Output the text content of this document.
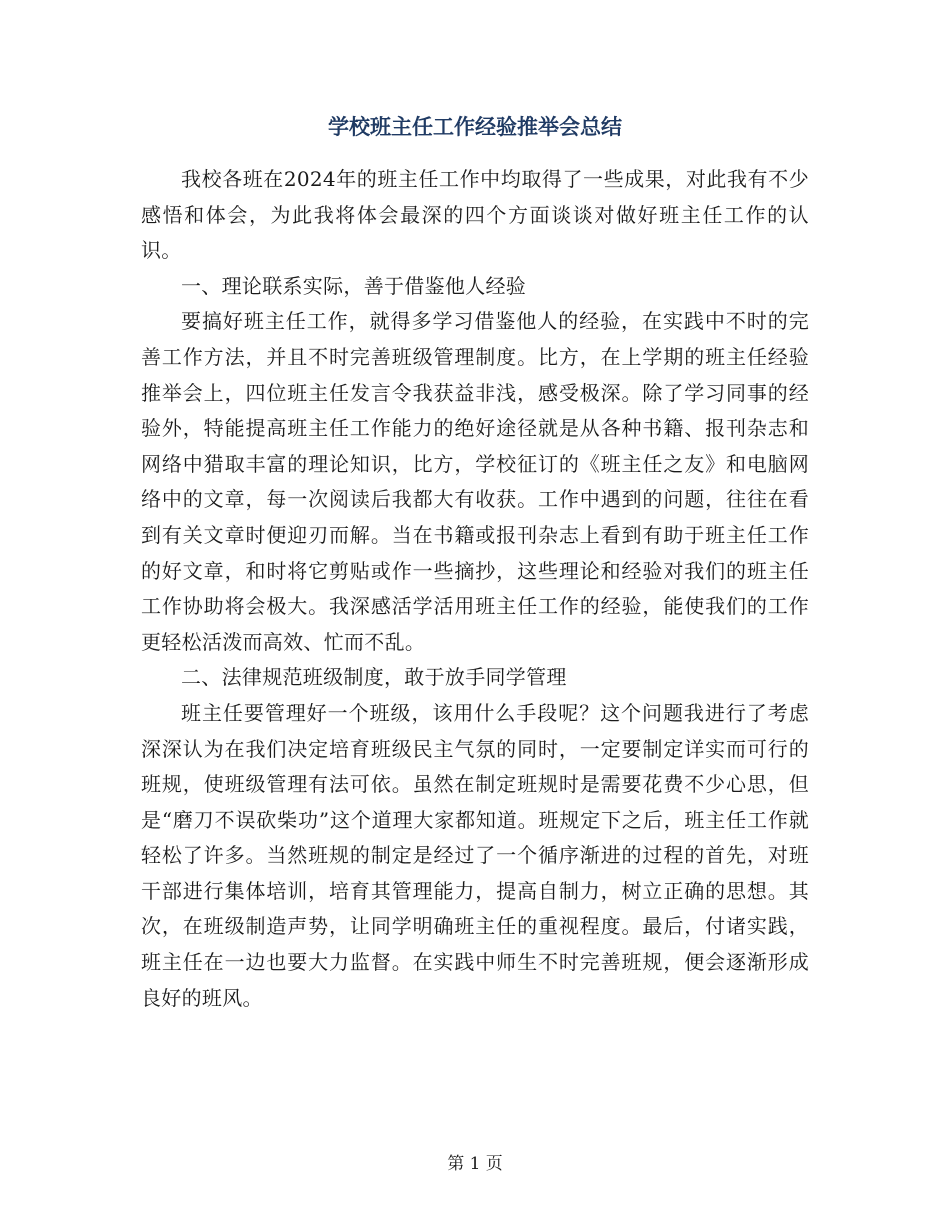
学校班主任工作经验推举会总结

我校各班在2024年的班主任工作中均取得了一些成果，对此我有不少感悟和体会，为此我将体会最深的四个方面谈谈对做好班主任工作的认识。

一、理论联系实际，善于借鉴他人经验

要搞好班主任工作，就得多学习借鉴他人的经验，在实践中不时的完善工作方法，并且不时完善班级管理制度。比方，在上学期的班主任经验推举会上，四位班主任发言令我获益非浅，感受极深。除了学习同事的经验外，特能提高班主任工作能力的绝好途径就是从各种书籍、报刊杂志和网络中猎取丰富的理论知识，比方，学校征订的《班主任之友》和电脑网络中的文章，每一次阅读后我都大有收获。工作中遇到的问题，往往在看到有关文章时便迎刃而解。当在书籍或报刊杂志上看到有助于班主任工作的好文章，和时将它剪贴或作一些摘抄，这些理论和经验对我们的班主任工作协助将会极大。我深感活学活用班主任工作的经验，能使我们的工作更轻松活泼而高效、忙而不乱。

二、法律规范班级制度，敢于放手同学管理

班主任要管理好一个班级，该用什么手段呢？这个问题我进行了考虑深深认为在我们决定培育班级民主气氛的同时，一定要制定详实而可行的班规，使班级管理有法可依。虽然在制定班规时是需要花费不少心思，但是“磨刀不误砍柴功”这个道理大家都知道。班规定下之后，班主任工作就轻松了许多。当然班规的制定是经过了一个循序渐进的过程的首先，对班干部进行集体培训，培育其管理能力，提高自制力，树立正确的思想。其次，在班级制造声势，让同学明确班主任的重视程度。最后，付诸实践，班主任在一边也要大力监督。在实践中师生不时完善班规，便会逐渐形成良好的班风。

第 1 页
